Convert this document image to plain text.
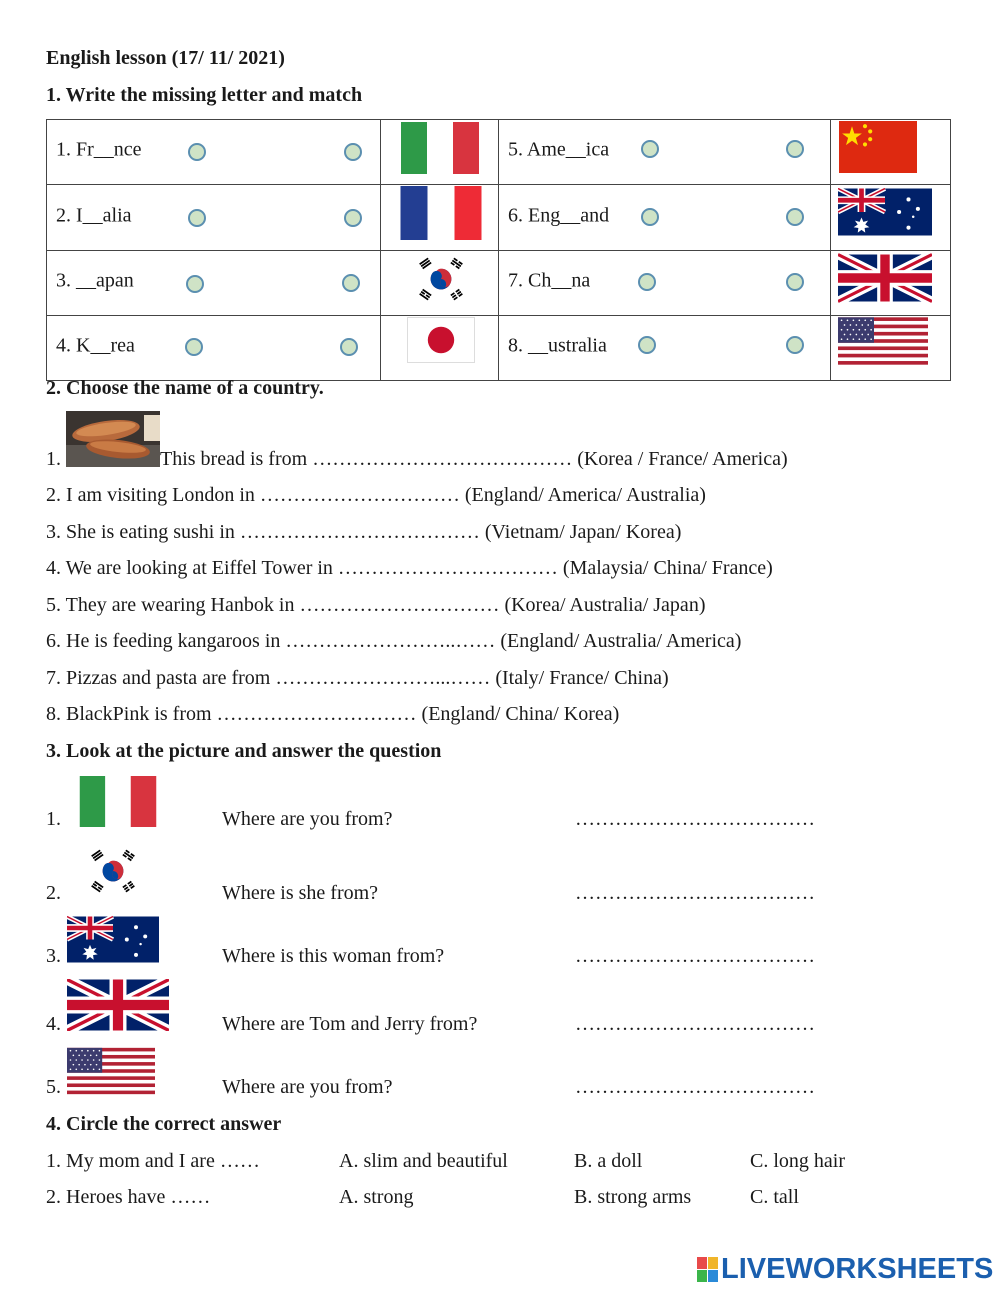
English lesson (17/ 11/ 2021)
1. Write the missing letter and match
1. Fr__nce		5. Ame__ica

2. I__alia		6. Eng__and

3. __apan		7. Ch__na

4. K__rea		8. __ustralia

2. Choose the name of a country.
1.	This bread is from ………………………………… (Korea / France/ America)
2. I am visiting London in ………………………… (England/ America/ Australia)
3. She is eating sushi in ……………………………… (Vietnam/ Japan/ Korea)
4. We are looking at Eiffel Tower in …………………………… (Malaysia/ China/ France)
5. They are wearing Hanbok in ………………………… (Korea/ Australia/ Japan)
6. He is feeding kangaroos in ……………………..…… (England/ Australia/ America)
7. Pizzas and pasta are from ……………………...…… (Italy/ France/ China)
8. BlackPink is from ………………………… (England/ China/ Korea)
3. Look at the picture and answer the question
1.	Where are you from?	………………………………
2.	Where is she from?	………………………………
3.	Where is this woman from?	………………………………
4.	Where are Tom and Jerry from?	………………………………
5.	Where are you from?	………………………………
4. Circle the correct answer
1. My mom and I are ……	A. slim and beautiful	B. a doll	C. long hair
2. Heroes have ……	A. strong	B. strong arms	C. tall
LIVEWORKSHEETS
